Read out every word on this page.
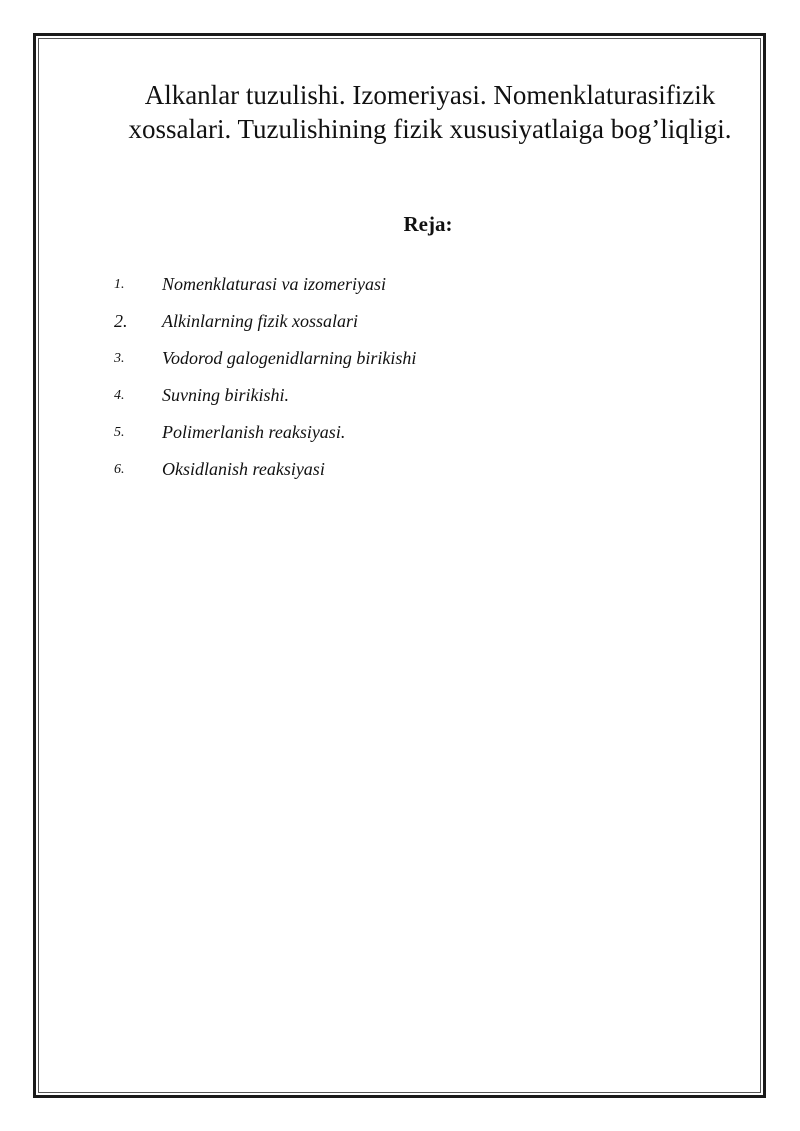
Alkanlar tuzulishi. Izomeriyasi. Nomenklaturasifizik xossalari. Tuzulishining fizik xususiyatlaiga bog’liqligi.
Reja:
1.	Nomenklaturasi va izomeriyasi
2.	Alkinlarning fizik xossalari
3.	Vodorod galogenidlarning birikishi
4.	Suvning birikishi.
5.	Polimerlanish reaksiyasi.
6.	Oksidlanish reaksiyasi
